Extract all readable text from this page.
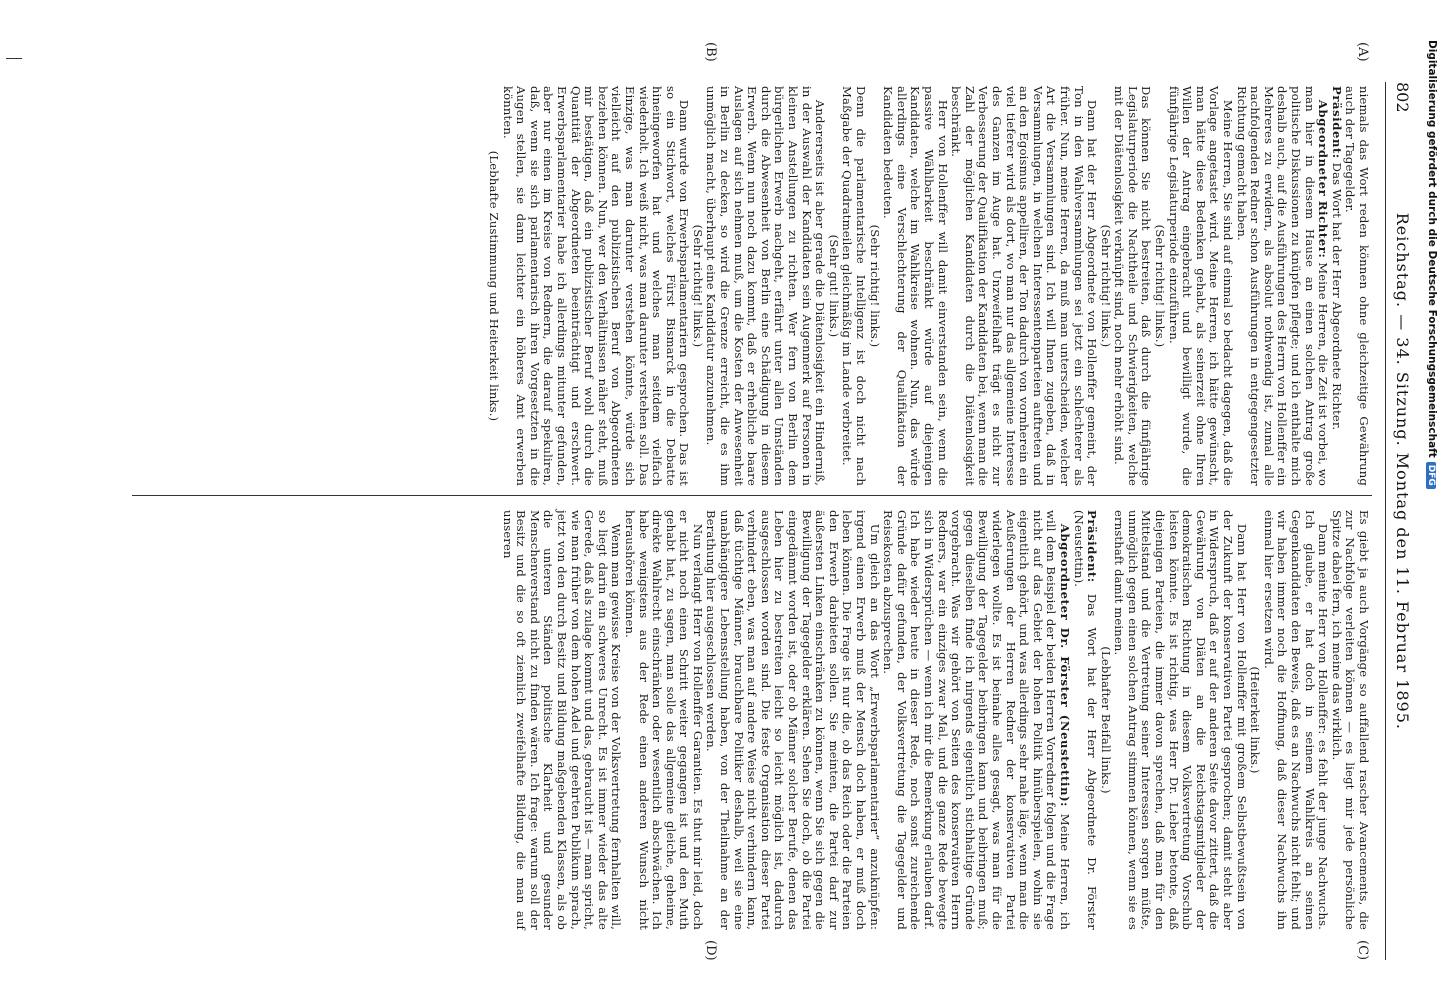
802
Reichstag. — 34. Sitzung. Montag den 11. Februar 1895.
(A)
(B)
(C)
(D)

niemals das Wort reden können ohne gleichzeitige Gewährung auch der Tagegelder.

Präsident: Das Wort hat der Herr Abgeordnete Richter.

Abgeordneter Richter: Meine Herren, die Zeit ist vorbei, wo man hier in diesem Hause an einen solchen Antrag große politische Diskussionen zu knüpfen pflegte; und ich enthalte mich deshalb auch, auf die Ausführungen des Herrn von Hollenffer ein Mehreres zu erwidern, als absolut nothwendig ist, zumal alle nachfolgenden Redner schon Ausführungen in entgegengesetzter Richtung gemacht haben.

Meine Herren, Sie sind auf einmal so bedacht dagegen, daß die Vorlage angetastet wird. Meine Herren, ich hätte gewünscht, man hätte diese Bedenken gehabt, als seinerzeit ohne Ihren Willen der Antrag eingebracht und bewilligt wurde, die fünfjährige Legislaturperiode einzuführen.

(Sehr richtig! links.)

Das können Sie nicht bestreiten, daß durch die fünfjährige Legislaturperiode die Nachtheile und Schwierigkeiten, welche mit der Diätenlosigkeit verknüpft sind, noch mehr erhöht sind.

(Sehr richtig! links.)

Dann hat der Herr Abgeordnete von Hollenffer gemeint, der Ton in den Wahlversammlungen sei jetzt ein schlechterer als früher. Nun, meine Herren, da muß man unterscheiden, welcher Art die Versammlungen sind. Ich will Ihnen zugeben, daß in Versammlungen, in welchen Interessentenparteien auftreten und an den Egoismus appelliren, der Ton dadurch von vornherein ein viel tieferer wird als dort, wo man nur das allgemeine Interesse des Ganzen im Auge hat. Unzweifelhaft trägt es nicht zur Verbesserung der Qualifikation der Kandidaten bei, wenn man die Zahl der möglichen Kandidaten durch die Diätenlosigkeit beschränkt.

Herr von Hollenffer will damit einverstanden sein, wenn die passive Wählbarkeit beschränkt würde auf diejenigen Kandidaten, welche im Wahlkreise wohnen. Nun, das würde allerdings eine Verschlechterung der Qualifikation der Kandidaten bedeuten.

(Sehr richtig! links.)

Denn die parlamentarische Intelligenz ist doch nicht nach Maßgabe der Quadratmeilen gleichmäßig im Lande verbreitet.

(Sehr gut! links.)

Andererseits ist aber gerade die Diätenlosigkeit ein Hinderniß, in der Auswahl der Kandidaten sein Augenmerk auf Personen in kleinen Anstellungen zu richten. Wer fern von Berlin dem bürgerlichen Erwerb nachgeht, erfährt unter allen Umständen durch die Abwesenheit von Berlin eine Schädigung in diesem Erwerb. Wenn nun noch dazu kommt, daß er erhebliche baare Auslagen auf sich nehmen muß, um die Kosten der Anwesenheit in Berlin zu decken, so wird die Grenze erreicht, die es ihm unmöglich macht, überhaupt eine Kandidatur anzunehmen.

(Sehr richtig! links.)

Dann wurde von Erwerbsparlamentariern gesprochen. Das ist so ein Stichwort, welches Fürst Bismarck in die Debatte hineingeworfen hat und welches man seitdem vielfach wiederholt. Ich weiß nicht, was man darunter verstehen soll. Das Einzige, was man darunter verstehen könnte, würde sich vielleicht auf den publizistischen Beruf von Abgeordneten beziehen können. Nun, wer den Verhältnissen näher steht, muß mir bestätigen, daß ein publizistischer Beruf wohl durch die Quantität der Abgeordneten beeinträchtigt und erschwert. Erwerbsparlamentarier habe ich allerdings mitunter gefunden, aber nur einen im Kreise von Rednern, die darauf spekuliren, daß, wenn sie sich parlamentarisch ihren Vorgesetzten in die Augen stellen, sie dann leichter ein höheres Amt erwerben könnten.

(Lebhafte Zustimmung und Heiterkeit links.)

Es giebt ja auch Vorgänge so auffallend rascher Avancements, die zur Nachfolge verleiten können — es liegt mir jede persönliche Spitze dabei fern, ich meine das wirklich.

Dann meinte Herr von Hollenffer: es fehlt der junge Nachwuchs. Ich glaube, er hat doch in seinem Wahlkreis an seinen Gegenkandidaten den Beweis, daß es an Nachwuchs nicht fehlt; und wir haben immer noch die Hoffnung, daß dieser Nachwuchs ihn einmal hier ersetzen wird.

(Heiterkeit links.)

Dann hat Herr von Hollenffer mit großem Selbstbewußtsein von der Zukunft der konservativen Partei gesprochen; damit steht aber in Widerspruch, daß er auf der anderen Seite davor zittert, daß die Gewährung von Diäten an die Reichstagsmitglieder der demokratischen Richtung in diesem Volksvertretung Vorschub leisten könnte. Es ist richtig, was Herr Dr. Lieber betonte, daß diejenigen Parteien, die immer davon sprechen, daß man für den Mittelstand und die Vertretung seiner Interessen sorgen müßte, unmöglich gegen einen solchen Antrag stimmen können, wenn sie es ernsthaft damit meinen.

(Lebhafter Beifall links.)

Präsident: Das Wort hat der Herr Abgeordnete Dr. Förster (Neustettin).

Abgeordneter Dr. Förster (Neustettin): Meine Herren, ich will dem Beispiel der beiden Herren Vorredner folgen und die Frage nicht auf das Gebiet der hohen Politik hinüberspielen, wohin sie eigentlich gehört, und was allerdings sehr nahe läge, wenn man die Aeußerungen der Herren Redner der konservativen Partei widerlegen wollte. Es ist beinahe alles gesagt, was man für die Bewilligung der Tagegelder beibringen kann und beibringen muß; gegen dieselben finde ich nirgends eigentlich stichhaltige Gründe vorgebracht. Was wir gehört von Seiten des konservativen Herrn Redners, war ein einziges zwar Mal, und die ganze Rede bewegte sich in Widersprüchen — wenn ich mir die Bemerkung erlauben darf. Ich habe wieder heute in dieser Rede, noch sonst zureichende Gründe dafür gefunden, der Volksvertretung die Tagegelder und Reisekosten abzusprechen.

Um gleich an das Wort „Erwerbsparlamentarier“ anzuknüpfen: irgend einen Erwerb muß der Mensch doch haben, er muß doch leben können. Die Frage ist nur die, ob das Reich oder die Parteien den Erwerb darbieten sollen. Sie meinten, die Partei darf zur äußersten Linken einschränken zu können, wenn Sie sich gegen die Bewilligung der Tagegelder erklären. Sehen Sie doch, ob die Partei eingedämmt worden ist, oder ob Männer solcher Berufe, denen das Leben hier zu bestreiten leicht so leicht möglich ist, dadurch ausgeschlossen worden sind. Die feste Organisation dieser Partei verhindert eben, was man auf andere Weise nicht verhindern kann, daß tüchtige Männer, brauchbare Politiker deshalb, weil sie eine unabhängigere Lebensstellung haben, von der Theilnahme an der Berathung hier ausgeschlossen werden.

Nun verlangt Herr von Hollenffer Garantien. Es thut mir leid, doch er nicht noch einen Schritt weiter gegangen ist und den Muth gehabt hat, zu sagen, man solle das allgemeine gleiche, geheime, direkte Wahlrecht einschränken oder wesentlich abschwächen. Ich habe wenigstens aus der Rede einen anderen Wunsch nicht heraushören können.

Wenn man gewisse Kreise von der Volksvertretung fernhalten will, so liegt darin ein schweres Unrecht. Es ist immer wieder das alte Gerede, daß als zulage kommt und das, gebraucht ist — man spricht, wie man früher von dem hohen Adel und geehrten Publikum sprach, jetzt von den durch Besitz und Bildung maßgebenden Klassen, als ob die unteren Ständen politische Klarheit und gesunder Menschenverstand nicht zu finden wären. Ich frage: warum soll der Besitz und die so oft ziemlich zweifelhafte Bildung, die man auf unseren

Digitalisierung gefördert durch die Deutsche ForschungsgemeinschaftDFG
